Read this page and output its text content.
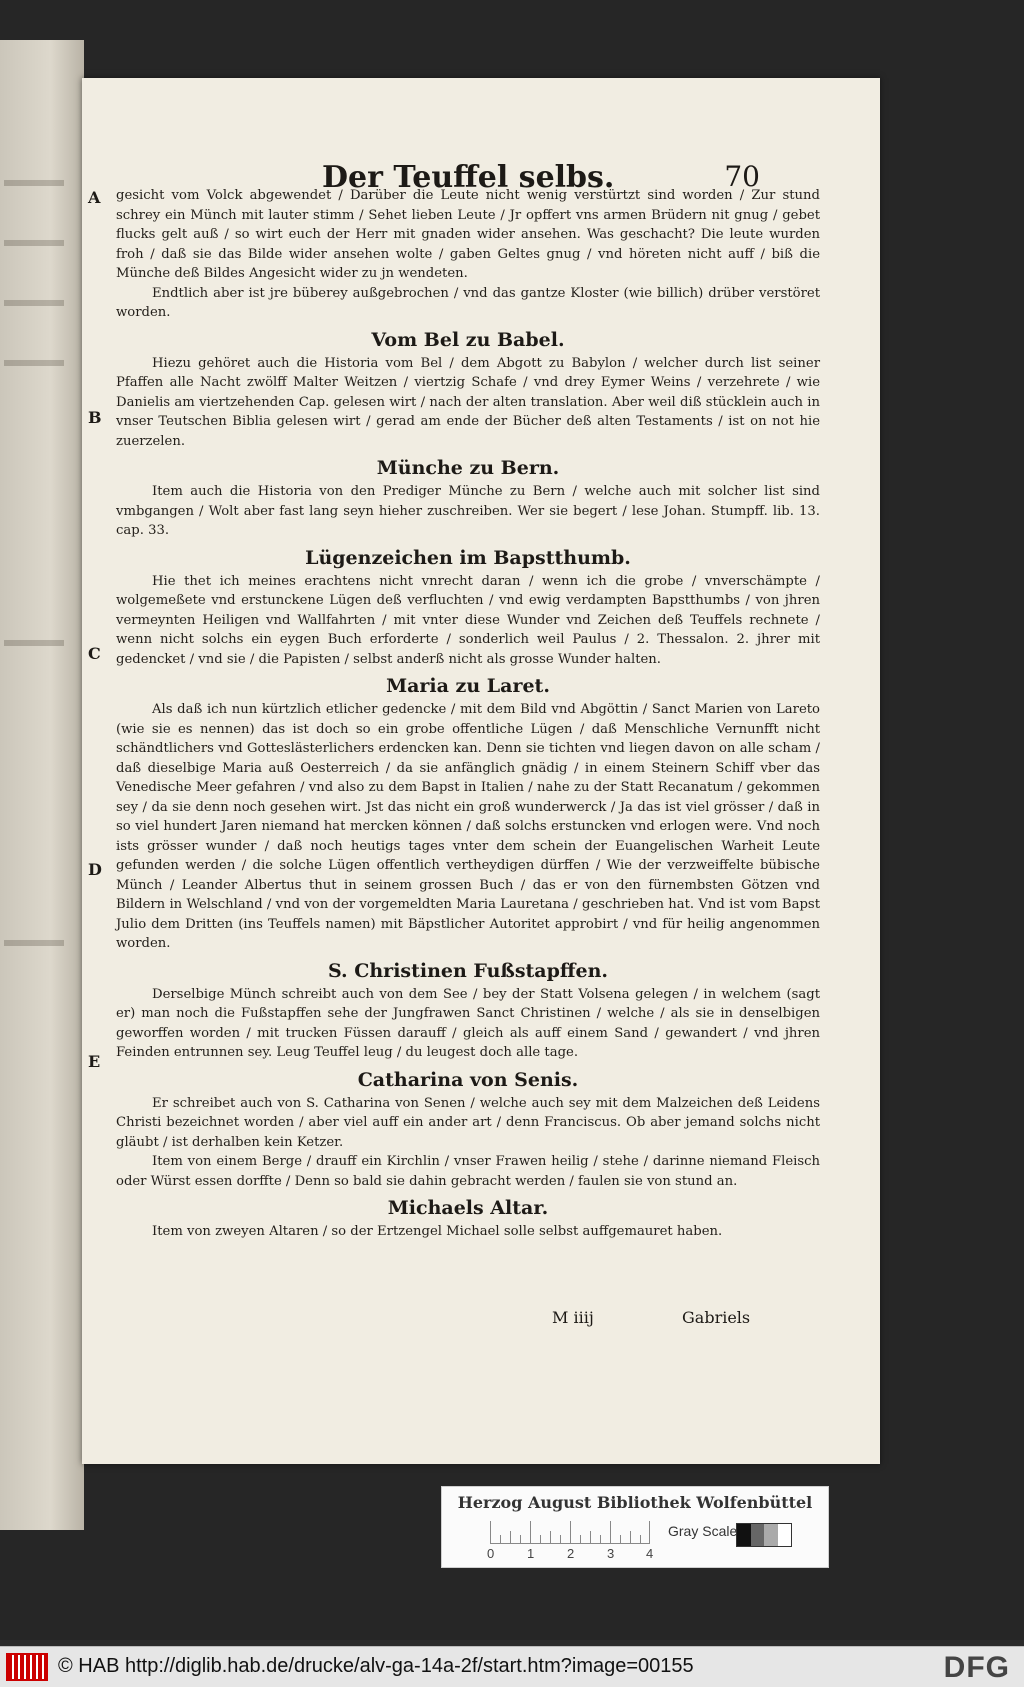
Der Teuffel selbs.	70
A
B
C
D
E

gesicht vom Volck abgewendet / Darüber die Leute nicht wenig verstürtzt sind worden / Zur stund schrey ein Münch mit lauter stimm / Sehet lieben Leute / Jr opffert vns armen Brüdern nit gnug / gebet flucks gelt auß / so wirt euch der Herr mit gnaden wider ansehen. Was geschacht? Die leute wurden froh / daß sie das Bilde wider ansehen wolte / gaben Geltes gnug / vnd höreten nicht auff / biß die Münche deß Bildes Angesicht wider zu jn wendeten.

Endtlich aber ist jre büberey außgebrochen / vnd das gantze Kloster (wie billich) drüber verstöret worden.

Vom Bel zu Babel.

Hiezu gehöret auch die Historia vom Bel / dem Abgott zu Babylon / welcher durch list seiner Pfaffen alle Nacht zwölff Malter Weitzen / viertzig Schafe / vnd drey Eymer Weins / verzehrete / wie Danielis am viertzehenden Cap. gelesen wirt / nach der alten translation. Aber weil diß stücklein auch in vnser Teutschen Biblia gelesen wirt / gerad am ende der Bücher deß alten Testaments / ist on not hie zuerzelen.

Münche zu Bern.

Item auch die Historia von den Prediger Münche zu Bern / welche auch mit solcher list sind vmbgangen / Wolt aber fast lang seyn hieher zuschreiben. Wer sie begert / lese Johan. Stumpff. lib. 13. cap. 33.

Lügenzeichen im Bapstthumb.

Hie thet ich meines erachtens nicht vnrecht daran / wenn ich die grobe / vnverschämpte / wolgemeßete vnd erstunckene Lügen deß verfluchten / vnd ewig verdampten Bapstthumbs / von jhren vermeynten Heiligen vnd Wallfahrten / mit vnter diese Wunder vnd Zeichen deß Teuffels rechnete / wenn nicht solchs ein eygen Buch erforderte / sonderlich weil Paulus / 2. Thessalon. 2. jhrer mit gedencket / vnd sie / die Papisten / selbst anderß nicht als grosse Wunder halten.

Maria zu Laret.

Als daß ich nun kürtzlich etlicher gedencke / mit dem Bild vnd Abgöttin / Sanct Marien von Lareto (wie sie es nennen) das ist doch so ein grobe offentliche Lügen / daß Menschliche Vernunfft nicht schändtlichers vnd Gotteslästerlichers erdencken kan. Denn sie tichten vnd liegen davon on alle scham / daß dieselbige Maria auß Oesterreich / da sie anfänglich gnädig / in einem Steinern Schiff vber das Venedische Meer gefahren / vnd also zu dem Bapst in Italien / nahe zu der Statt Recanatum / gekommen sey / da sie denn noch gesehen wirt. Jst das nicht ein groß wunderwerck / Ja das ist viel grösser / daß in so viel hundert Jaren niemand hat mercken können / daß solchs erstuncken vnd erlogen were. Vnd noch ists grösser wunder / daß noch heutigs tages vnter dem schein der Euangelischen Warheit Leute gefunden werden / die solche Lügen offentlich vertheydigen dürffen / Wie der verzweiffelte bübische Münch / Leander Albertus thut in seinem grossen Buch / das er von den fürnembsten Götzen vnd Bildern in Welschland / vnd von der vorgemeldten Maria Lauretana / geschrieben hat. Vnd ist vom Bapst Julio dem Dritten (ins Teuffels namen) mit Bäpstlicher Autoritet approbirt / vnd für heilig angenommen worden.

S. Christinen Fußstapffen.

Derselbige Münch schreibt auch von dem See / bey der Statt Volsena gelegen / in welchem (sagt er) man noch die Fußstapffen sehe der Jungfrawen Sanct Christinen / welche / als sie in denselbigen geworffen worden / mit trucken Füssen darauff / gleich als auff einem Sand / gewandert / vnd jhren Feinden entrunnen sey. Leug Teuffel leug / du leugest doch alle tage.

Catharina von Senis.

Er schreibet auch von S. Catharina von Senen / welche auch sey mit dem Malzeichen deß Leidens Christi bezeichnet worden / aber viel auff ein ander art / denn Franciscus. Ob aber jemand solchs nicht gläubt / ist derhalben kein Ketzer.

Item von einem Berge / drauff ein Kirchlin / vnser Frawen heilig / stehe / darinne niemand Fleisch oder Würst essen dorffte / Denn so bald sie dahin gebracht werden / faulen sie von stund an.

Michaels Altar.

Item von zweyen Altaren / so der Ertzengel Michael solle selbst auffgemauret haben.

M iiij	Gabriels
Herzog August Bibliothek Wolfenbüttel
0	1	2	3 4
Gray Scale
© HAB http://diglib.hab.de/drucke/alv-ga-14a-2f/start.htm?image=00155	DFG
